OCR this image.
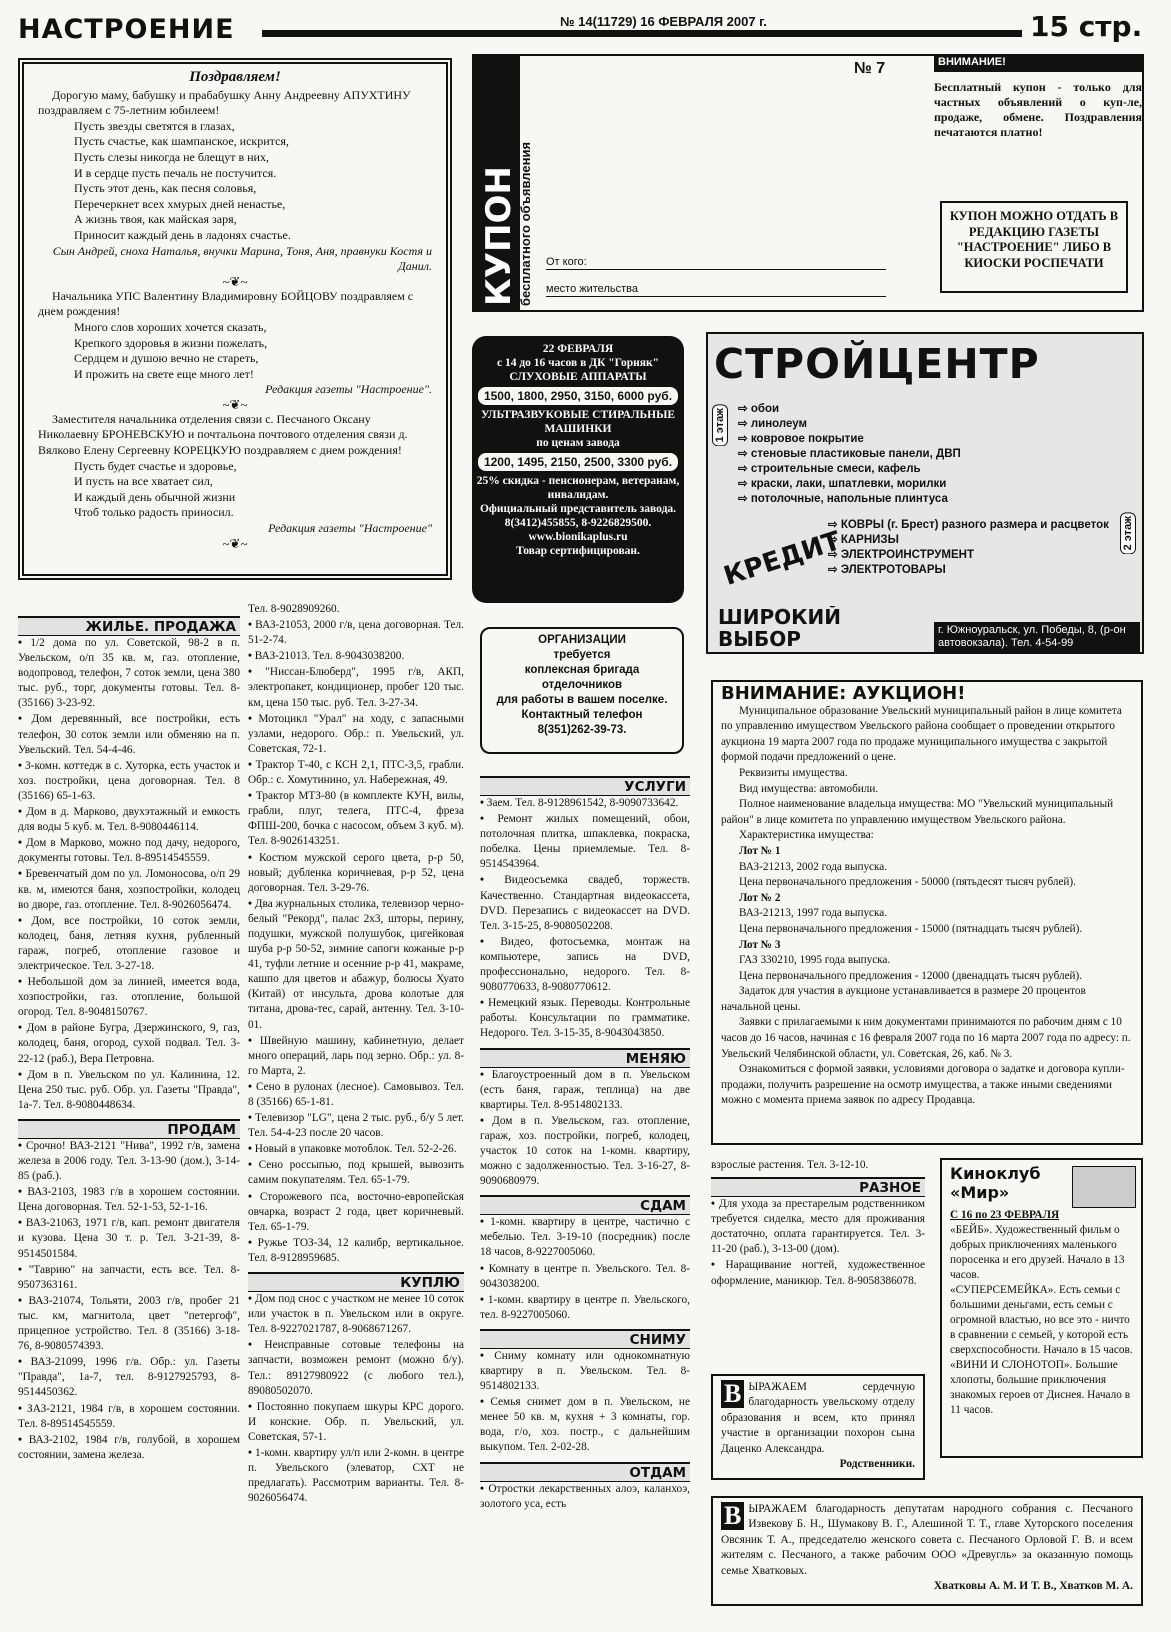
НАСТРОЕНИЕ	№ 14(11729) 16 ФЕВРАЛЯ 2007 г.	15 стр.
Поздравляем!
Дорогую маму, бабушку и прабабушку Анну Андреевну АПУХТИНУ поздравляем с 75-летним юбилеем!
Пусть звезды светятся в глазах,
Пусть счастье, как шампанское, искрится,
Пусть слезы никогда не блещут в них,
И в сердце пусть печаль не постучится.
Пусть этот день, как песня соловья,
Перечеркнет всех хмурых дней ненастье,
А жизнь твоя, как майская заря,
Приносит каждый день в ладонях счастье.
Сын Андрей, сноха Наталья, внучки Марина, Тоня, Аня, правнуки Костя и Данил.
~❦~
Начальника УПС Валентину Владимировну БОЙЦОВУ поздравляем с днем рождения!
Много слов хороших хочется сказать,
Крепкого здоровья в жизни пожелать,
Сердцем и душою вечно не стареть,
И прожить на свете еще много лет!
Редакция газеты "Настроение".
~❦~
Заместителя начальника отделения связи с. Песчаного Оксану Николаевну БРОНЕВСКУЮ и почтальона почтового отделения связи д. Вялково Елену Сергеевну КОРЕЦКУЮ поздравляем с днем рождения!
Пусть будет счастье и здоровье,
И пусть на все хватает сил,
И каждый день обычной жизни
Чтоб только радость приносил.
Редакция газеты "Настроение"
~❦~
КУПОН бесплатного объявления
№ 7
От кого:
место жительства
ВНИМАНИЕ!
Бесплатный купон - только для частных объявлений о куп-ле, продаже, обмене. Поздравления печатаются платно!
КУПОН МОЖНО ОТДАТЬ В РЕДАКЦИЮ ГАЗЕТЫ "НАСТРОЕНИЕ" ЛИБО В КИОСКИ РОСПЕЧАТИ
22 ФЕВРАЛЯ
с 14 до 16 часов в ДК "Горняк"
СЛУХОВЫЕ АППАРАТЫ
1500, 1800, 2950, 3150, 6000 руб.
УЛЬТРАЗВУКОВЫЕ СТИРАЛЬНЫЕ МАШИНКИ
по ценам завода
1200, 1495, 2150, 2500, 3300 руб.
25% скидка - пенсионерам, ветеранам, инвалидам.
Официальный представитель завода. 8(3412)455855, 8-9226829500.
www.bionikaplus.ru
Товар сертифицирован.
СТРОЙЦЕНТР
1 этаж ⇨ обои
⇨ линолеум
⇨ ковровое покрытие
⇨ стеновые пластиковые панели, ДВП
⇨ строительные смеси, кафель
⇨ краски, лаки, шпатлевки, морилки
⇨ потолочные, напольные плинтуса
2 этаж
⇨ КОВРЫ (г. Брест) разного размера и расцветок
⇨ КАРНИЗЫ
⇨ ЭЛЕКТРОИНСТРУМЕНТ
⇨ ЭЛЕКТРОТОВАРЫ
КРЕДИТ
ШИРОКИЙ ВЫБОР	г. Южноуральск, ул. Победы, 8, (р-он автовокзала). Тел. 4-54-99
ОРГАНИЗАЦИИ
требуется
коплексная бригада
отделочников
для работы в вашем поселке.
Контактный телефон
8(351)262-39-73.
ВНИМАНИЕ: АУКЦИОН!
Муниципальное образование Увельский муниципальный район в лице комитета по управлению имуществом Увельского района сообщает о проведении открытого аукциона 19 марта 2007 года по продаже муниципального имущества с закрытой формой подачи предложений о цене.
Реквизиты имущества.
Вид имущества: автомобили.
Полное наименование владельца имущества: МО "Увельский муниципальный район" в лице комитета по управлению имуществом Увельского района.
Характеристика имущества:
Лот № 1
ВАЗ-21213, 2002 года выпуска.
Цена первоначального предложения - 50000 (пятьдесят тысяч рублей).
Лот № 2
ВАЗ-21213, 1997 года выпуска.
Цена первоначального предложения - 15000 (пятнадцать тысяч рублей).
Лот № 3
ГАЗ 330210, 1995 года выпуска.
Цена первоначального предложения - 12000 (двенадцать тысяч рублей).
Задаток для участия в аукционе устанавливается в размере 20 процентов начальной цены.
Заявки с прилагаемыми к ним документами принимаются по рабочим дням с 10 часов до 16 часов, начиная с 16 февраля 2007 года по 16 марта 2007 года по адресу: п. Увельский Челябинской области, ул. Советская, 26, каб. № 3.
Ознакомиться с формой заявки, условиями договора о задатке и договора купли-продажи, получить разрешение на осмотр имущества, а также иными сведениями можно с момента приема заявок по адресу Продавца.
ЖИЛЬЕ. ПРОДАЖА

• 1/2 дома по ул. Советской, 98-2 в п. Увельском, о/п 35 кв. м, газ. отопление, водопровод, телефон, 7 соток земли, цена 380 тыс. руб., торг, документы готовы. Тел. 8-(35166) 3-23-92.

• Дом деревянный, все постройки, есть телефон, 30 соток земли или обменяю на п. Увельский. Тел. 54-4-46.

• 3-комн. коттедж в с. Хуторка, есть участок и хоз. постройки, цена договорная. Тел. 8 (35166) 65-1-63.

• Дом в д. Марково, двухэтажный и емкость для воды 5 куб. м. Тел. 8-9080446114.

• Дом в Марково, можно под дачу, недорого, документы готовы. Тел. 8-89514545559.

• Бревенчатый дом по ул. Ломоносова, о/п 29 кв. м, имеются баня, хозпостройки, колодец во дворе, газ. отопление. Тел. 8-9026056474.

• Дом, все постройки, 10 соток земли, колодец, баня, летняя кухня, рубленный гараж, погреб, отопление газовое и электрическое. Тел. 3-27-18.

• Небольшой дом за линией, имеется вода, хозпостройки, газ. отопление, большой огород. Тел. 8-9048150767.

• Дом в районе Бугра, Дзержинского, 9, газ, колодец, баня, огород, сухой подвал. Тел. 3-22-12 (раб.), Вера Петровна.

• Дом в п. Увельском по ул. Калинина, 12. Цена 250 тыс. руб. Обр. ул. Газеты "Правда", 1а-7. Тел. 8-9080448634.

ПРОДАМ

• Срочно! ВАЗ-2121 "Нива", 1992 г/в, замена железа в 2006 году. Тел. 3-13-90 (дом.), 3-14-85 (раб.).

• ВАЗ-2103, 1983 г/в в хорошем состоянии. Цена договорная. Тел. 52-1-53, 52-1-16.

• ВАЗ-21063, 1971 г/в, кап. ремонт двигателя и кузова. Цена 30 т. р. Тел. 3-21-39, 8-9514501584.

• "Таврию" на запчасти, есть все. Тел. 8-9507363161.

• ВАЗ-21074, Тольяти, 2003 г/в, пробег 21 тыс. км, магнитола, цвет "петергоф", прицепное устройство. Тел. 8 (35166) 3-18-76, 8-9080574393.

• ВАЗ-21099, 1996 г/в. Обр.: ул. Газеты "Правда", 1а-7, тел. 8-9127925793, 8-9514450362.

• ЗАЗ-2121, 1984 г/в, в хорошем состоянии. Тел. 8-89514545559.

• ВАЗ-2102, 1984 г/в, голубой, в хорошем состоянии, замена железа.

Тел. 8-9028909260.

• ВАЗ-21053, 2000 г/в, цена договорная. Тел. 51-2-74.

• ВАЗ-21013. Тел. 8-9043038200.

• "Ниссан-Блюберд", 1995 г/в, АКП, электропакет, кондиционер, пробег 120 тыс. км, цена 150 тыс. руб. Тел. 3-27-34.

• Мотоцикл "Урал" на ходу, с запасными узлами, недорого. Обр.: п. Увельский, ул. Советская, 72-1.

• Трактор Т-40, с КСН 2,1, ПТС-3,5, грабли. Обр.: с. Хомутинино, ул. Набережная, 49.

• Трактор МТЗ-80 (в комплекте КУН, вилы, грабли, плуг, телега, ПТС-4, фреза ФПШ-200, бочка с насосом, объем 3 куб. м). Тел. 8-9026143251.

• Костюм мужской серого цвета, р-р 50, новый; дубленка коричневая, р-р 52, цена договорная. Тел. 3-29-76.

• Два журнальных столика, телевизор черно-белый "Рекорд", палас 2х3, шторы, перину, подушки, мужской полушубок, цигейковая шуба р-р 50-52, зимние сапоги кожаные р-р 41, туфли летние и осенние р-р 41, макраме, кашпо для цветов и абажур, болюсы Хуато (Китай) от инсульта, дрова колотые для титана, дрова-тес, сарай, антенну. Тел. 3-10-01.

• Швейную машину, кабинетную, делает много операций, ларь под зерно. Обр.: ул. 8-го Марта, 2.

• Сено в рулонах (лесное). Самовывоз. Тел. 8 (35166) 65-1-81.

• Телевизор "LG", цена 2 тыс. руб., б/у 5 лет. Тел. 54-4-23 после 20 часов.

• Новый в упаковке мотоблок. Тел. 52-2-26.

• Сено россыпью, под крышей, вывозить самим покупателям. Тел. 65-1-79.

• Сторожевого пса, восточно-европейская овчарка, возраст 2 года, цвет коричневый. Тел. 65-1-79.

• Ружье ТОЗ-34, 12 калибр, вертикальное. Тел. 8-9128959685.

КУПЛЮ

• Дом под снос с участком не менее 10 соток или участок в п. Увельском или в округе. Тел. 8-9227021787, 8-9068671267.

• Неисправные сотовые телефоны на запчасти, возможен ремонт (можно б/у). Тел.: 89127980922 (с любого тел.), 89080502070.

• Постоянно покупаем шкуры КРС дорого. И конские. Обр. п. Увельский, ул. Советская, 57-1.

• 1-комн. квартиру ул/п или 2-комн. в центре п. Увельского (элеватор, СХТ не предлагать). Рассмотрим варианты. Тел. 8-9026056474.

УСЛУГИ

• Заем. Тел. 8-9128961542, 8-9090733642.

• Ремонт жилых помещений, обои, потолочная плитка, шпаклевка, покраска, побелка. Цены приемлемые. Тел. 8-9514543964.

• Видеосъемка свадеб, торжеств. Качественно. Стандартная видеокассета, DVD. Перезапись с видеокассет на DVD. Тел. 3-15-25, 8-9080502208.

• Видео, фотосъемка, монтаж на компьютере, запись на DVD, профессионально, недорого. Тел. 8-9080770633, 8-9080770612.

• Немецкий язык. Переводы. Контрольные работы. Консультации по грамматике. Недорого. Тел. 3-15-35, 8-9043043850.

МЕНЯЮ

• Благоустроенный дом в п. Увельском (есть баня, гараж, теплица) на две квартиры. Тел. 8-9514802133.

• Дом в п. Увельском, газ. отопление, гараж, хоз. постройки, погреб, колодец, участок 10 соток на 1-комн. квартиру, можно с задолженностью. Тел. 3-16-27, 8-9090680979.

СДАМ

• 1-комн. квартиру в центре, частично с мебелью. Тел. 3-19-10 (посредник) после 18 часов, 8-9227005060.

• Комнату в центре п. Увельского. Тел. 8-9043038200.

• 1-комн. квартиру в центре п. Увельского, тел. 8-9227005060.

СНИМУ

• Сниму комнату или однокомнатную квартиру в п. Увельском. Тел. 8-9514802133.

• Семья снимет дом в п. Увельском, не менее 50 кв. м, кухня + 3 комнаты, гор. вода, г/о, хоз. постр., с дальнейшим выкупом. Тел. 2-02-28.

ОТДАМ

• Отростки лекарственных алоэ, каланхоэ, золотого уса, есть

взрослые растения. Тел. 3-12-10.

РАЗНОЕ

• Для ухода за престарелым родственником требуется сиделка, место для проживания достаточно, оплата гарантируется. Тел. 3-11-20 (раб.), 3-13-00 (дом).

• Наращивание ногтей, художественное оформление, маникюр. Тел. 8-9058386078.

В ЫРАЖАЕМ сердечную благодарность увельскому отделу образования и всем, кто принял участие в организации похорон сына Даценко Александра.
Родственники.
Киноклуб «Мир»
С 16 по 23 ФЕВРАЛЯ

«БЕЙБ». Художественный фильм о добрых приключениях маленького поросенка и его друзей. Начало в 13 часов.

«СУПЕРСЕМЕЙКА». Есть семьи с большими деньгами, есть семьи с огромной властью, но все это - ничто в сравнении с семьей, у которой есть сверхспособности. Начало в 15 часов.

«ВИНИ И СЛОНОТОП». Большие хлопоты, большие приключения знакомых героев от Диснея. Начало в 11 часов.

В ЫРАЖАЕМ благодарность депутатам народного собрания с. Песчаного Извекову Б. Н., Шумакову В. Г., Алешиной Т. Т., главе Хуторского поселения Овсяник Т. А., председателю женского совета с. Песчаного Орловой Г. В. и всем жителям с. Песчаного, а также рабочим ООО «Древугль» за оказанную помощь семье Хватковых.
Хватковы А. М. И Т. В., Хватков М. А.
